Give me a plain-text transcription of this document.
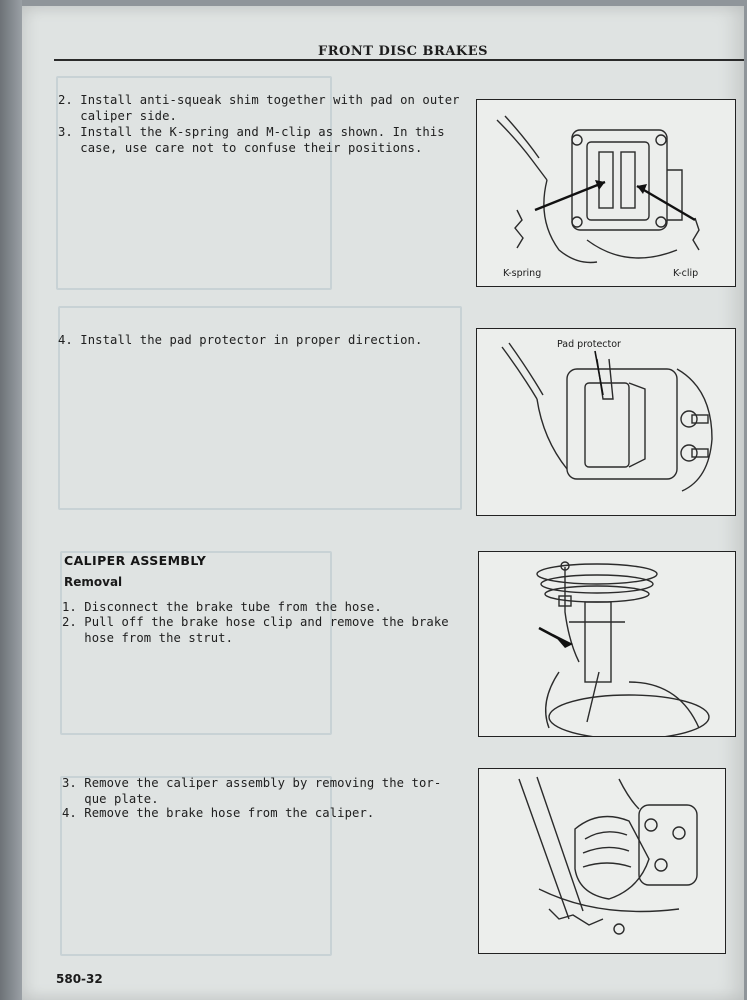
FRONT DISC BRAKES
2. Install anti-squeak shim together with pad on outer
caliper side.
3. Install the K-spring and M-clip as shown. In this
case, use care not to confuse their positions.
K-spring	K-clip
4. Install the pad protector in proper direction.	Pad protector
CALIPER ASSEMBLY
Removal
1. Disconnect the brake tube from the hose.
2. Pull off the brake hose clip and remove the brake
hose from the strut.
3. Remove the caliper assembly by removing the tor-
que plate.
4. Remove the brake hose from the caliper.
580-32
